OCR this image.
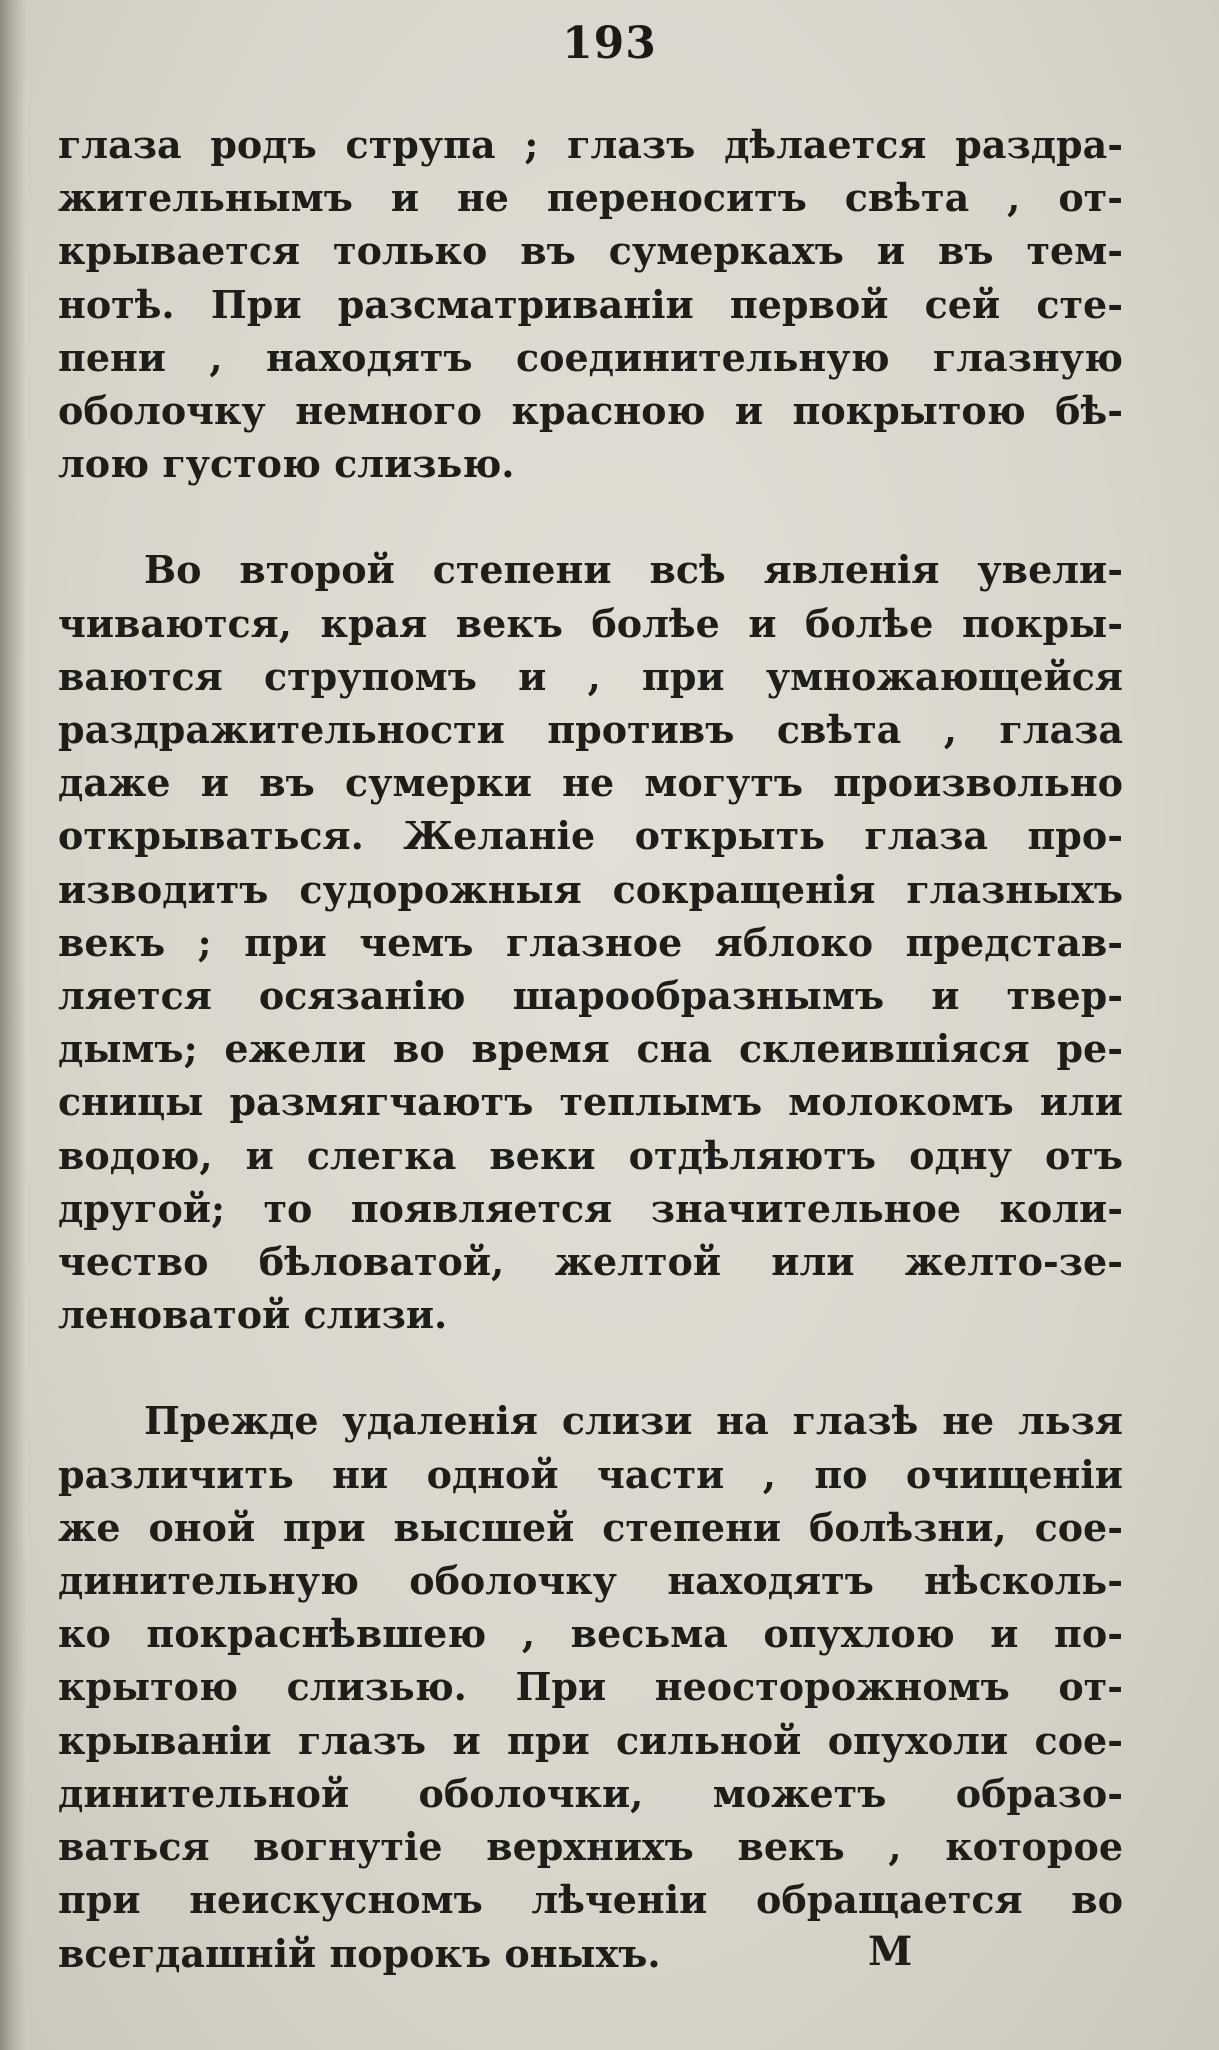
193

глаза родъ струпа ; глазъ дѣлается раздра-
жительнымъ и не переноситъ свѣта , от-
крывается только въ сумеркахъ и въ тем-
нотѣ. При разсматриваніи первой сей сте-
пени , находятъ соединительную глазную
оболочку немного красною и покрытою бѣ-
лою густою слизью.

Во второй степени всѣ явленія увели-
чиваются, края векъ болѣе и болѣе покры-
ваются струпомъ и , при умножающейся
раздражительности противъ свѣта , глаза
даже и въ сумерки не могутъ произвольно
открываться. Желаніе открыть глаза про-
изводитъ судорожныя сокращенія глазныхъ
векъ ; при чемъ глазное яблоко представ-
ляется осязанію шарообразнымъ и твер-
дымъ; ежели во время сна склеившіяся ре-
сницы размягчаютъ теплымъ молокомъ или
водою, и слегка веки отдѣляютъ одну отъ
другой; то появляется значительное коли-
чество бѣловатой, желтой или желто-зе-
леноватой слизи.

Прежде удаленія слизи на глазѣ не льзя
различить ни одной части , по очищеніи
же оной при высшей степени болѣзни, сое-
динительную оболочку находятъ нѣсколь-
ко покраснѣвшею , весьма опухлою и по-
крытою слизью. При неосторожномъ от-
крываніи глазъ и при сильной опухоли сое-
динительной оболочки, можетъ образо-
ваться вогнутіе верхнихъ векъ , которое
при неискусномъ лѣченіи обращается во
всегдашній порокъ оныхъ.	M
